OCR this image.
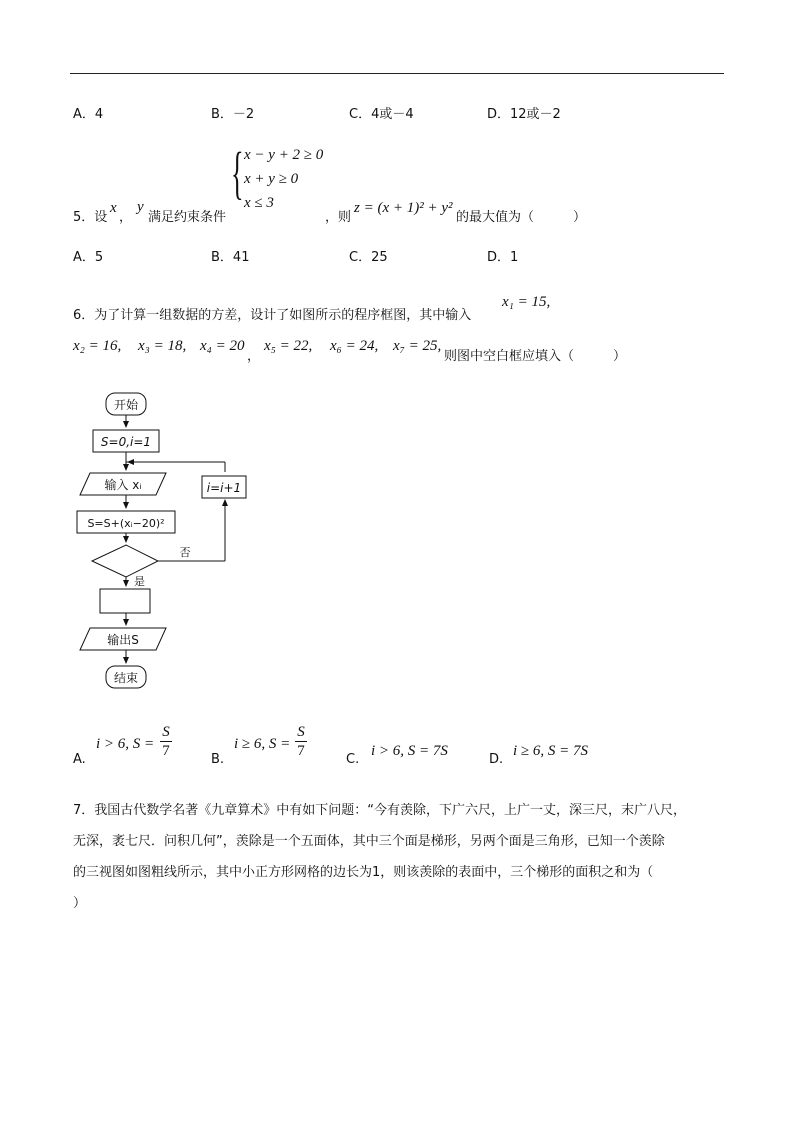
A．4	B．－2	C．4或－4	D．12或－2
5．设
x
，
y
满足约束条件
{ x − y + 2 ≥ 0
x + y ≥ 0
x ≤ 3
，则
z = (x + 1)² + y²
的最大值为（　　　）
A．5	B．41	C．25	D．1
6．为了计算一组数据的方差，设计了如图所示的程序框图，其中输入
x₁ = 15,
x₂ = 16, x₃ = 18, x₄ = 20
，
x₅ = 22, x₆ = 24, x₇ = 25,
则图中空白框应填入（　　　）
开始
S=0,i=1
输入 xᵢ
S=S+(xᵢ−20)²
i=i+1
否
是
输出S
结束
A.
i > 6, S =
S
7
B.
i ≥ 6, S =
S
7
C.
i > 6, S = 7S
D.
i ≥ 6, S = 7S
7．我国古代数学名著《九章算术》中有如下问题：“今有羡除，下广六尺，上广一丈，深三尺，末广八尺，
无深，袤七尺．问积几何”，羡除是一个五面体，其中三个面是梯形，另两个面是三角形，已知一个羡除
的三视图如图粗线所示，其中小正方形网格的边长为1，则该羡除的表面中，三个梯形的面积之和为（
）
